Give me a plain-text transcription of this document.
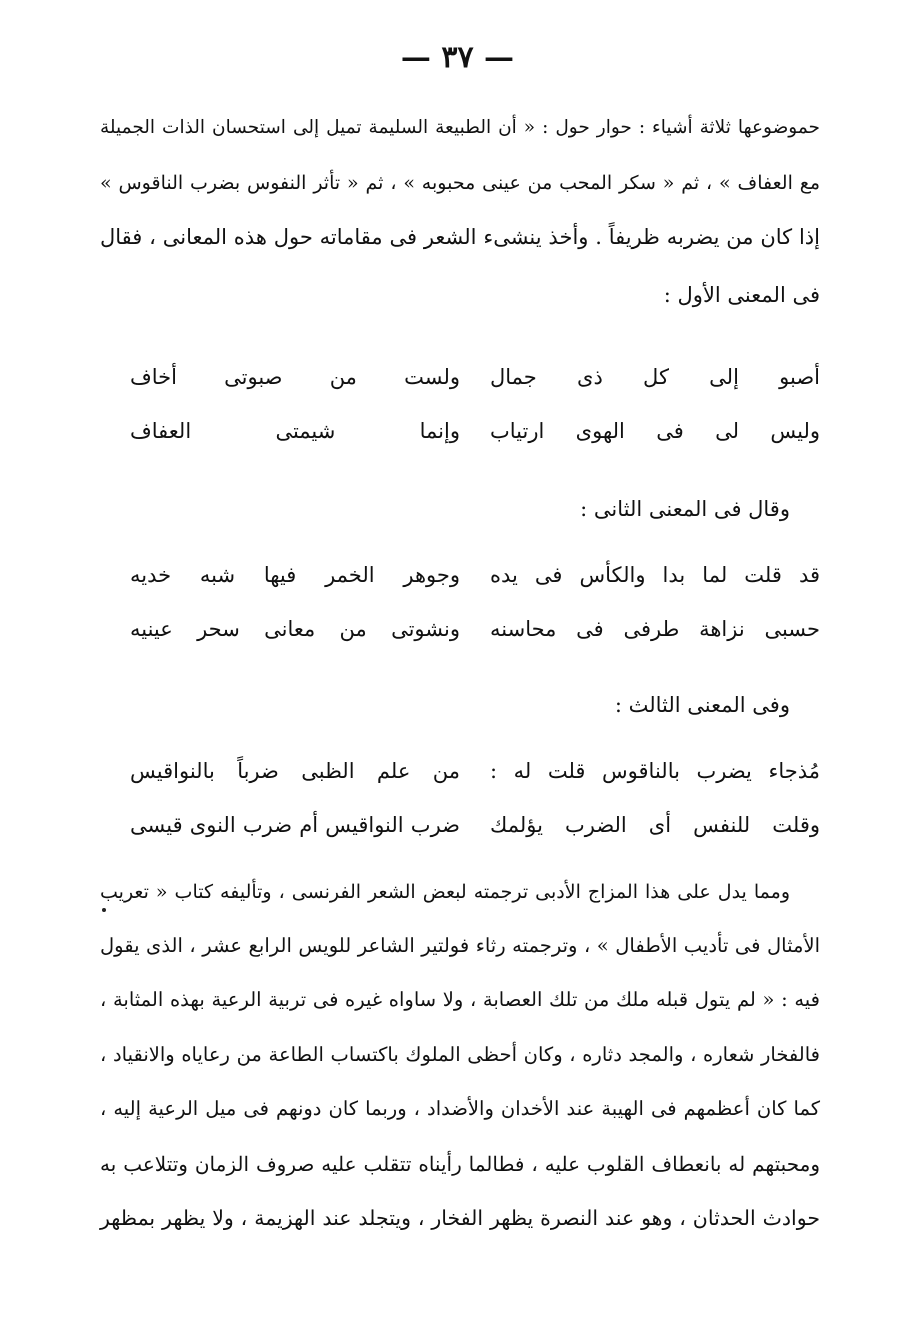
— ٣٧ —
حموضوعها ثلاثة أشياء : حوار حول : « أن الطبيعة السليمة تميل إلى استحسان الذات الجميلة
مع العفاف » ، ثم « سكر المحب من عينى محبوبه » ، ثم « تأثر النفوس بضرب الناقوس »
إذا كان من يضربه ظريفاً . وأخذ ينشىء الشعر فى مقاماته حول هذه المعانى ، فقال
فى المعنى الأول :
أصبو إلى كل ذى جمال
ولست من صبوتى أخاف
وليس لى فى الهوى ارتياب
وإنما شيمتى العفاف
وقال فى المعنى الثانى :
قد قلت لما بدا والكأس فى يده
وجوهر الخمر فيها شبه خديه
حسبى نزاهة طرفى فى محاسنه
ونشوتى من معانى سحر عينيه
وفى المعنى الثالث :
مُذجاء يضرب بالناقوس قلت له :
من علم الظبى ضرباً بالنواقيس
وقلت للنفس أى الضرب يؤلمك
ضرب النواقيس أم ضرب النوى قيسى
ومما يدل على هذا المزاج الأدبى ترجمته لبعض الشعر الفرنسى ، وتأليفه كتاب « تعريب
الأمثال فى تأديب الأطفال » ، وترجمته رثاء فولتير الشاعر للويس الرابع عشر ، الذى يقول
فيه : « لم يتول قبله ملك من تلك العصابة ، ولا ساواه غيره فى تربية الرعية بهذه المثابة ،
فالفخار شعاره ، والمجد دثاره ، وكان أحظى الملوك باكتساب الطاعة من رعاياه والانقياد ،
كما كان أعظمهم فى الهيبة عند الأخدان والأضداد ، وربما كان دونهم فى ميل الرعية إليه ،
ومحبتهم له بانعطاف القلوب عليه ، فطالما رأيناه تتقلب عليه صروف الزمان وتتلاعب به
حوادث الحدثان ، وهو عند النصرة يظهر الفخار ، ويتجلد عند الهزيمة ، ولا يظهر بمظهر
